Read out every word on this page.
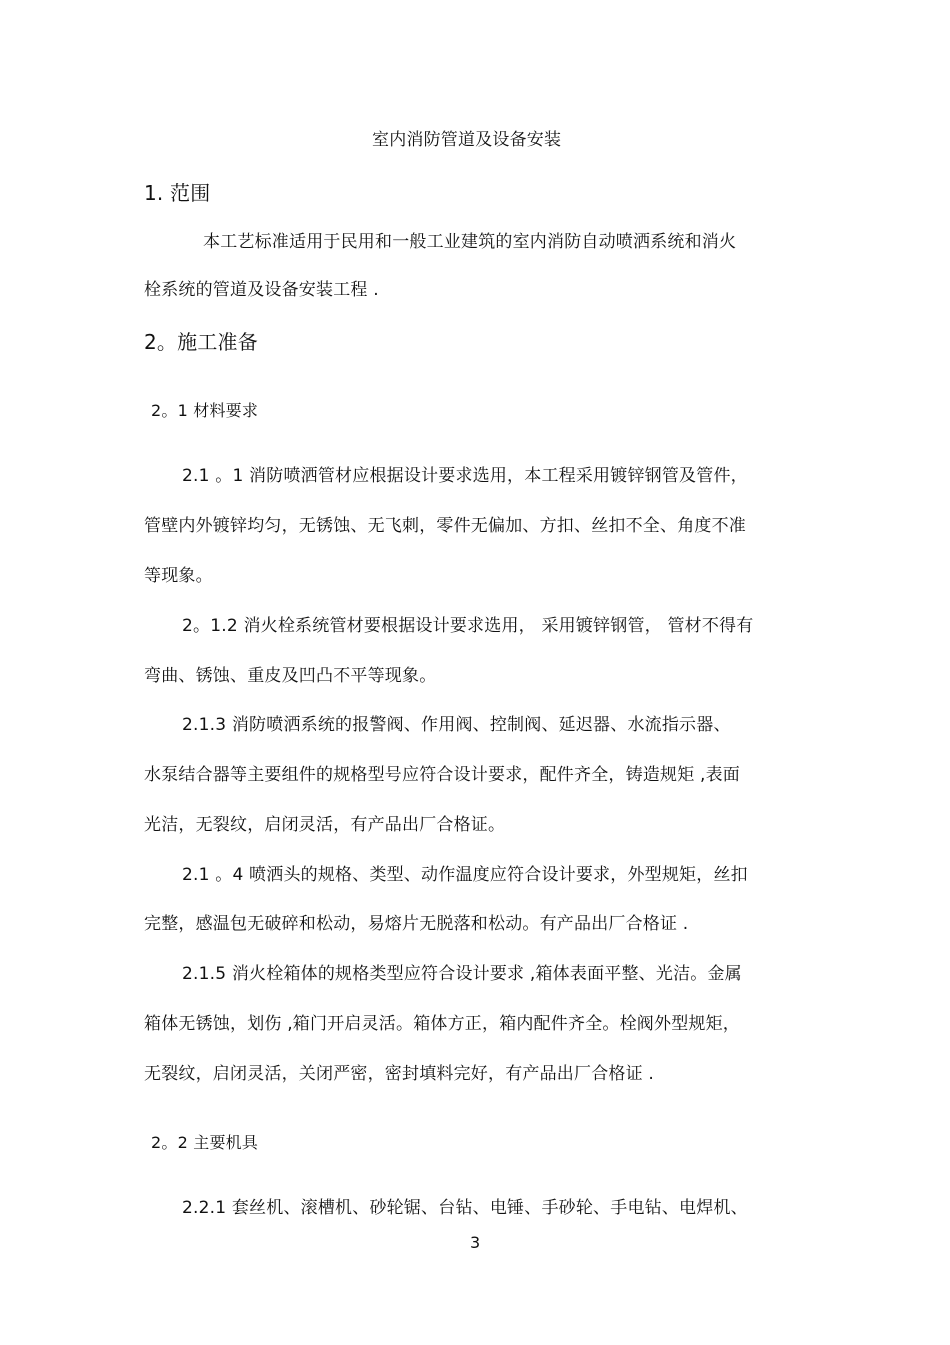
室内消防管道及设备安装
1. 范围
本工艺标准适用于民用和一般工业建筑的室内消防自动喷洒系统和消火
栓系统的管道及设备安装工程 .
2。施工准备
2。1 材料要求
2.1 。1 消防喷洒管材应根据设计要求选用，本工程采用镀锌钢管及管件，
管壁内外镀锌均匀，无锈蚀、无飞刺，零件无偏加、方扣、丝扣不全、角度不准
等现象。
2。1.2 消火栓系统管材要根据设计要求选用， 采用镀锌钢管， 管材不得有
弯曲、锈蚀、重皮及凹凸不平等现象。
2.1.3 消防喷洒系统的报警阀、作用阀、控制阀、延迟器、水流指示器、
水泵结合器等主要组件的规格型号应符合设计要求，配件齐全，铸造规矩 ,表面
光洁，无裂纹，启闭灵活，有产品出厂合格证。
2.1 。4 喷洒头的规格、类型、动作温度应符合设计要求，外型规矩，丝扣
完整，感温包无破碎和松动，易熔片无脱落和松动。有产品出厂合格证 .
2.1.5 消火栓箱体的规格类型应符合设计要求 ,箱体表面平整、光洁。金属
箱体无锈蚀，划伤 ,箱门开启灵活。箱体方正，箱内配件齐全。栓阀外型规矩，
无裂纹，启闭灵活，关闭严密，密封填料完好，有产品出厂合格证 .
2。2 主要机具
2.2.1 套丝机、滚槽机、砂轮锯、台钻、电锤、手砂轮、手电钻、电焊机、
3
